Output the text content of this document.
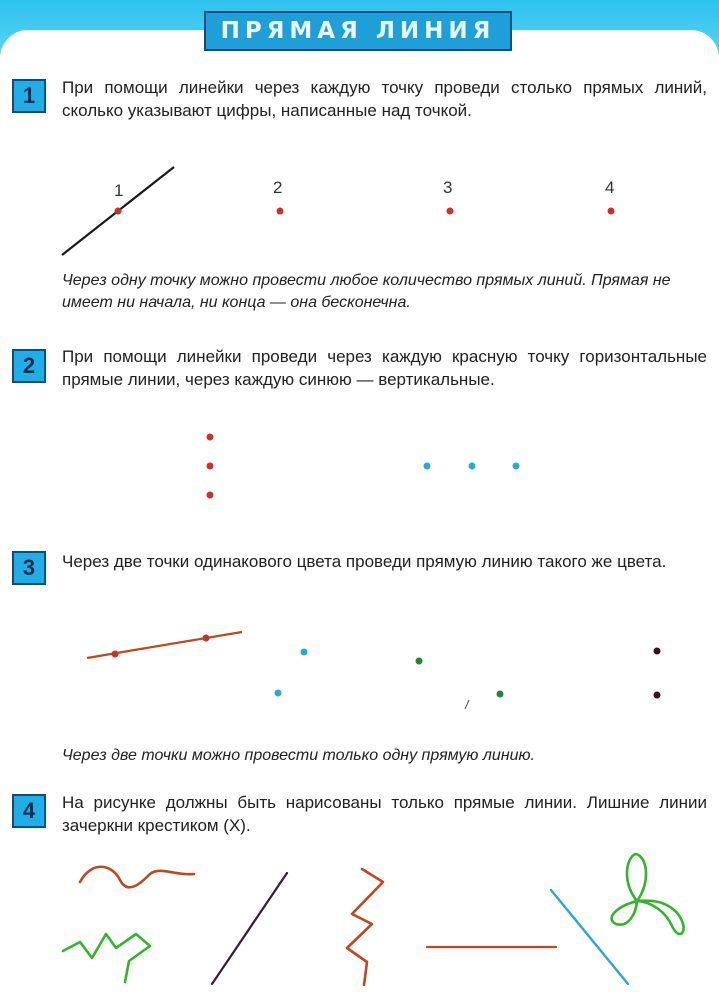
ПРЯМАЯ ЛИНИЯ
1	При помощи линейки через каждую точку проведи столько прямых линий, сколько указывают цифры, написанные над точкой.
Через одну точку можно провести любое количество прямых линий. Прямая не имеет ни начала, ни конца — она бесконечна.
2	При помощи линейки проведи через каждую красную точку горизонтальные прямые линии, через каждую синюю — вертикальные.
3	Через две точки одинакового цвета проведи прямую линию такого же цвета.
Через две точки можно провести только одну прямую линию.
4	На рисунке должны быть нарисованы только прямые линии. Лишние линии зачеркни крестиком (Х).
1	2	3	4
